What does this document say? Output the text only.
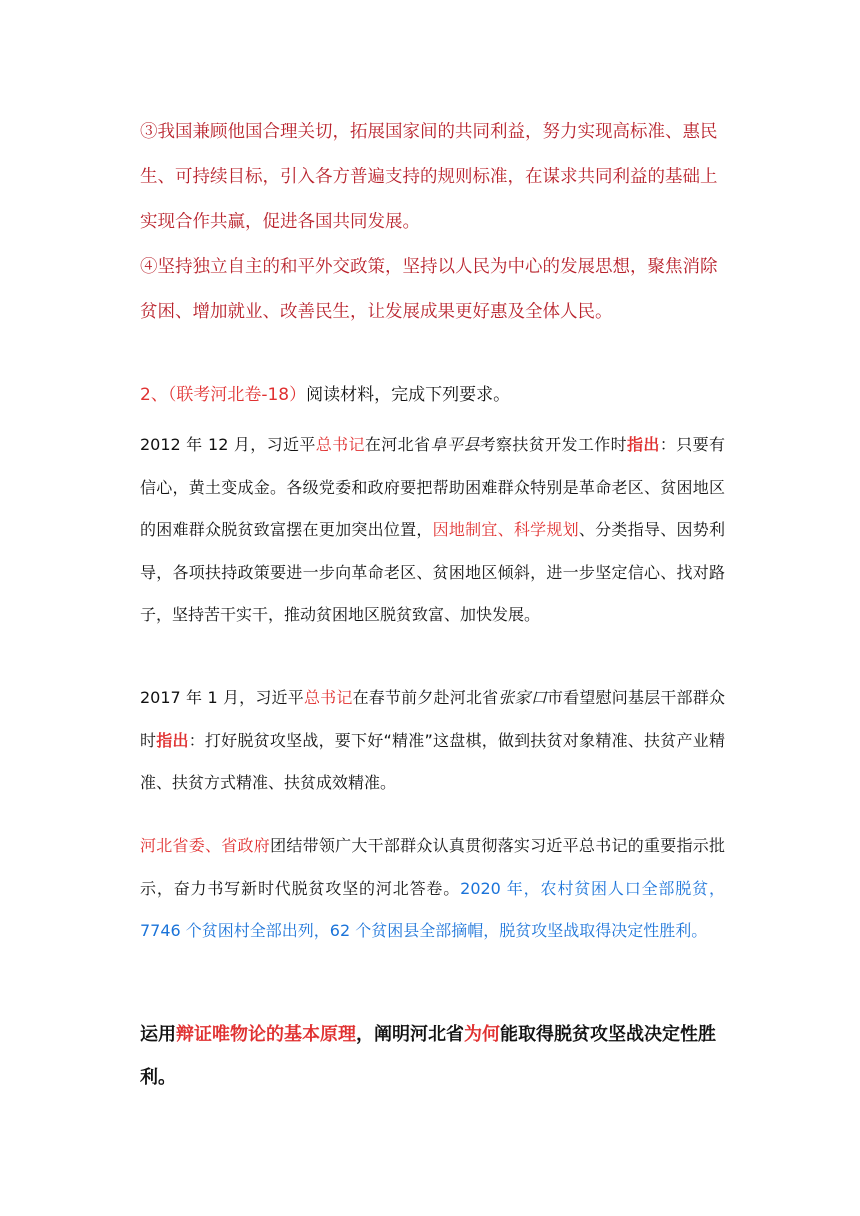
③我国兼顾他国合理关切，拓展国家间的共同利益，努力实现高标准、惠民生、可持续目标，引入各方普遍支持的规则标准，在谋求共同利益的基础上实现合作共赢，促进各国共同发展。
④坚持独立自主的和平外交政策，坚持以人民为中心的发展思想，聚焦消除贫困、增加就业、改善民生，让发展成果更好惠及全体人民。
2、（联考河北卷-18）阅读材料，完成下列要求。
2012 年 12 月，习近平总书记在河北省阜平县考察扶贫开发工作时指出：只要有信心，黄土变成金。各级党委和政府要把帮助困难群众特别是革命老区、贫困地区的困难群众脱贫致富摆在更加突出位置，因地制宜、科学规划、分类指导、因势利导，各项扶持政策要进一步向革命老区、贫困地区倾斜，进一步坚定信心、找对路子，坚持苦干实干，推动贫困地区脱贫致富、加快发展。
2017 年 1 月，习近平总书记在春节前夕赴河北省张家口市看望慰问基层干部群众时指出：打好脱贫攻坚战，要下好“精准”这盘棋，做到扶贫对象精准、扶贫产业精准、扶贫方式精准、扶贫成效精准。
河北省委、省政府团结带领广大干部群众认真贯彻落实习近平总书记的重要指示批示，奋力书写新时代脱贫攻坚的河北答卷。2020 年，农村贫困人口全部脱贫，7746 个贫困村全部出列，62 个贫困县全部摘帽，脱贫攻坚战取得决定性胜利。
运用辩证唯物论的基本原理，阐明河北省为何能取得脱贫攻坚战决定性胜利。
